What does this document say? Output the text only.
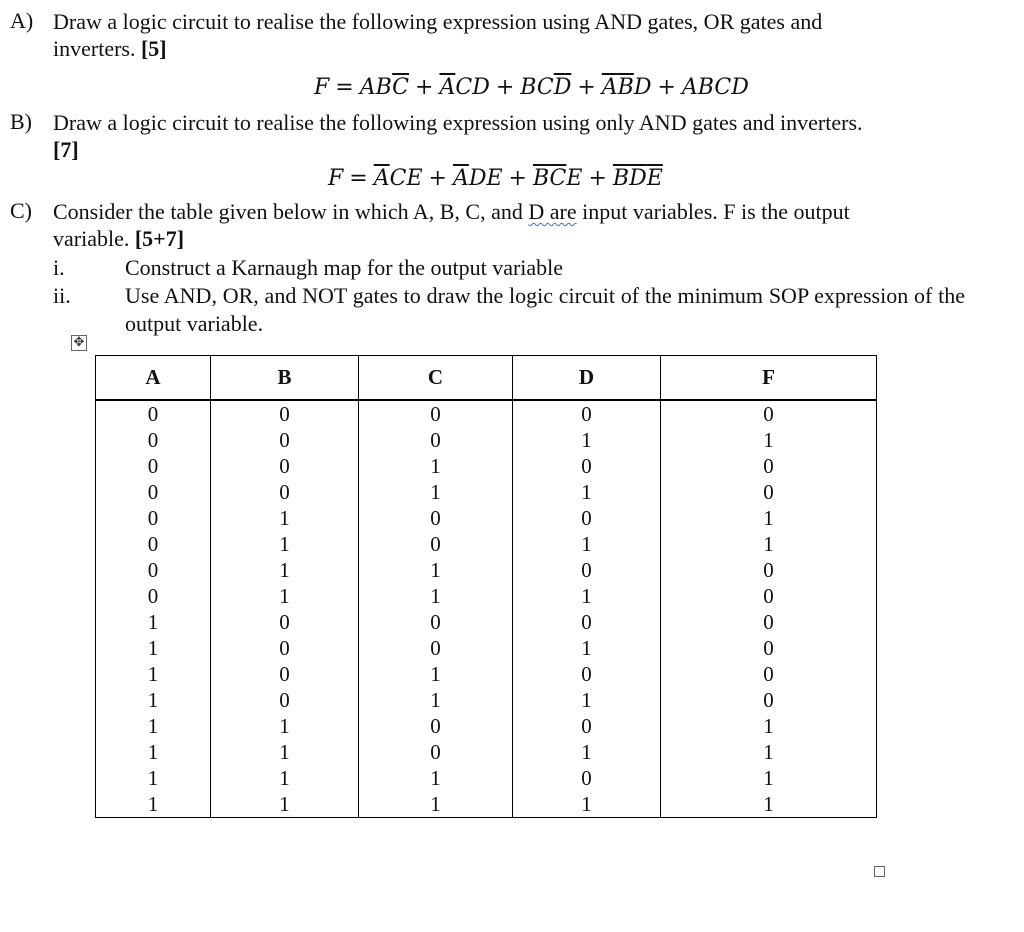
A) Draw a logic circuit to realise the following expression using AND gates, OR gates and
inverters. [5]
$F = AB\overline{C} + \overline{A}CD + BC\overline{D} + \overline{A}\overline{B}D$ + ABCD
B) Draw a logic circuit to realise the following expression using only AND gates and inverters.
[7]
$F = \overline{A}CE + \overline{A}DE + \overline{B}\overline{C}E + \overline{B}\overline{D}\overline{E}$
C) Consider the table given below in which A, B, C, and D are input variables. F is the output
variable. [5+7]
i.	Construct a Karnaugh map for the output variable
ii. Use AND, OR, and NOT gates to draw the logic circuit of the minimum SOP expression of the output variable.
✥
A	B	C	D	F
0	0	0	0	0
0	0	0	1	1
0	0	1	0	0
0	0	1	1	0
0	1	0	0	1
0	1	0	1	1
0	1	1	0	0
0	1	1	1	0
1	0	0	0	0
1	0	0	1	0
1	0	1	0	0
1	0	1	1	0
1	1	0	0	1
1	1	0	1	1
1	1	1	0	1
1	1	1	1	1
